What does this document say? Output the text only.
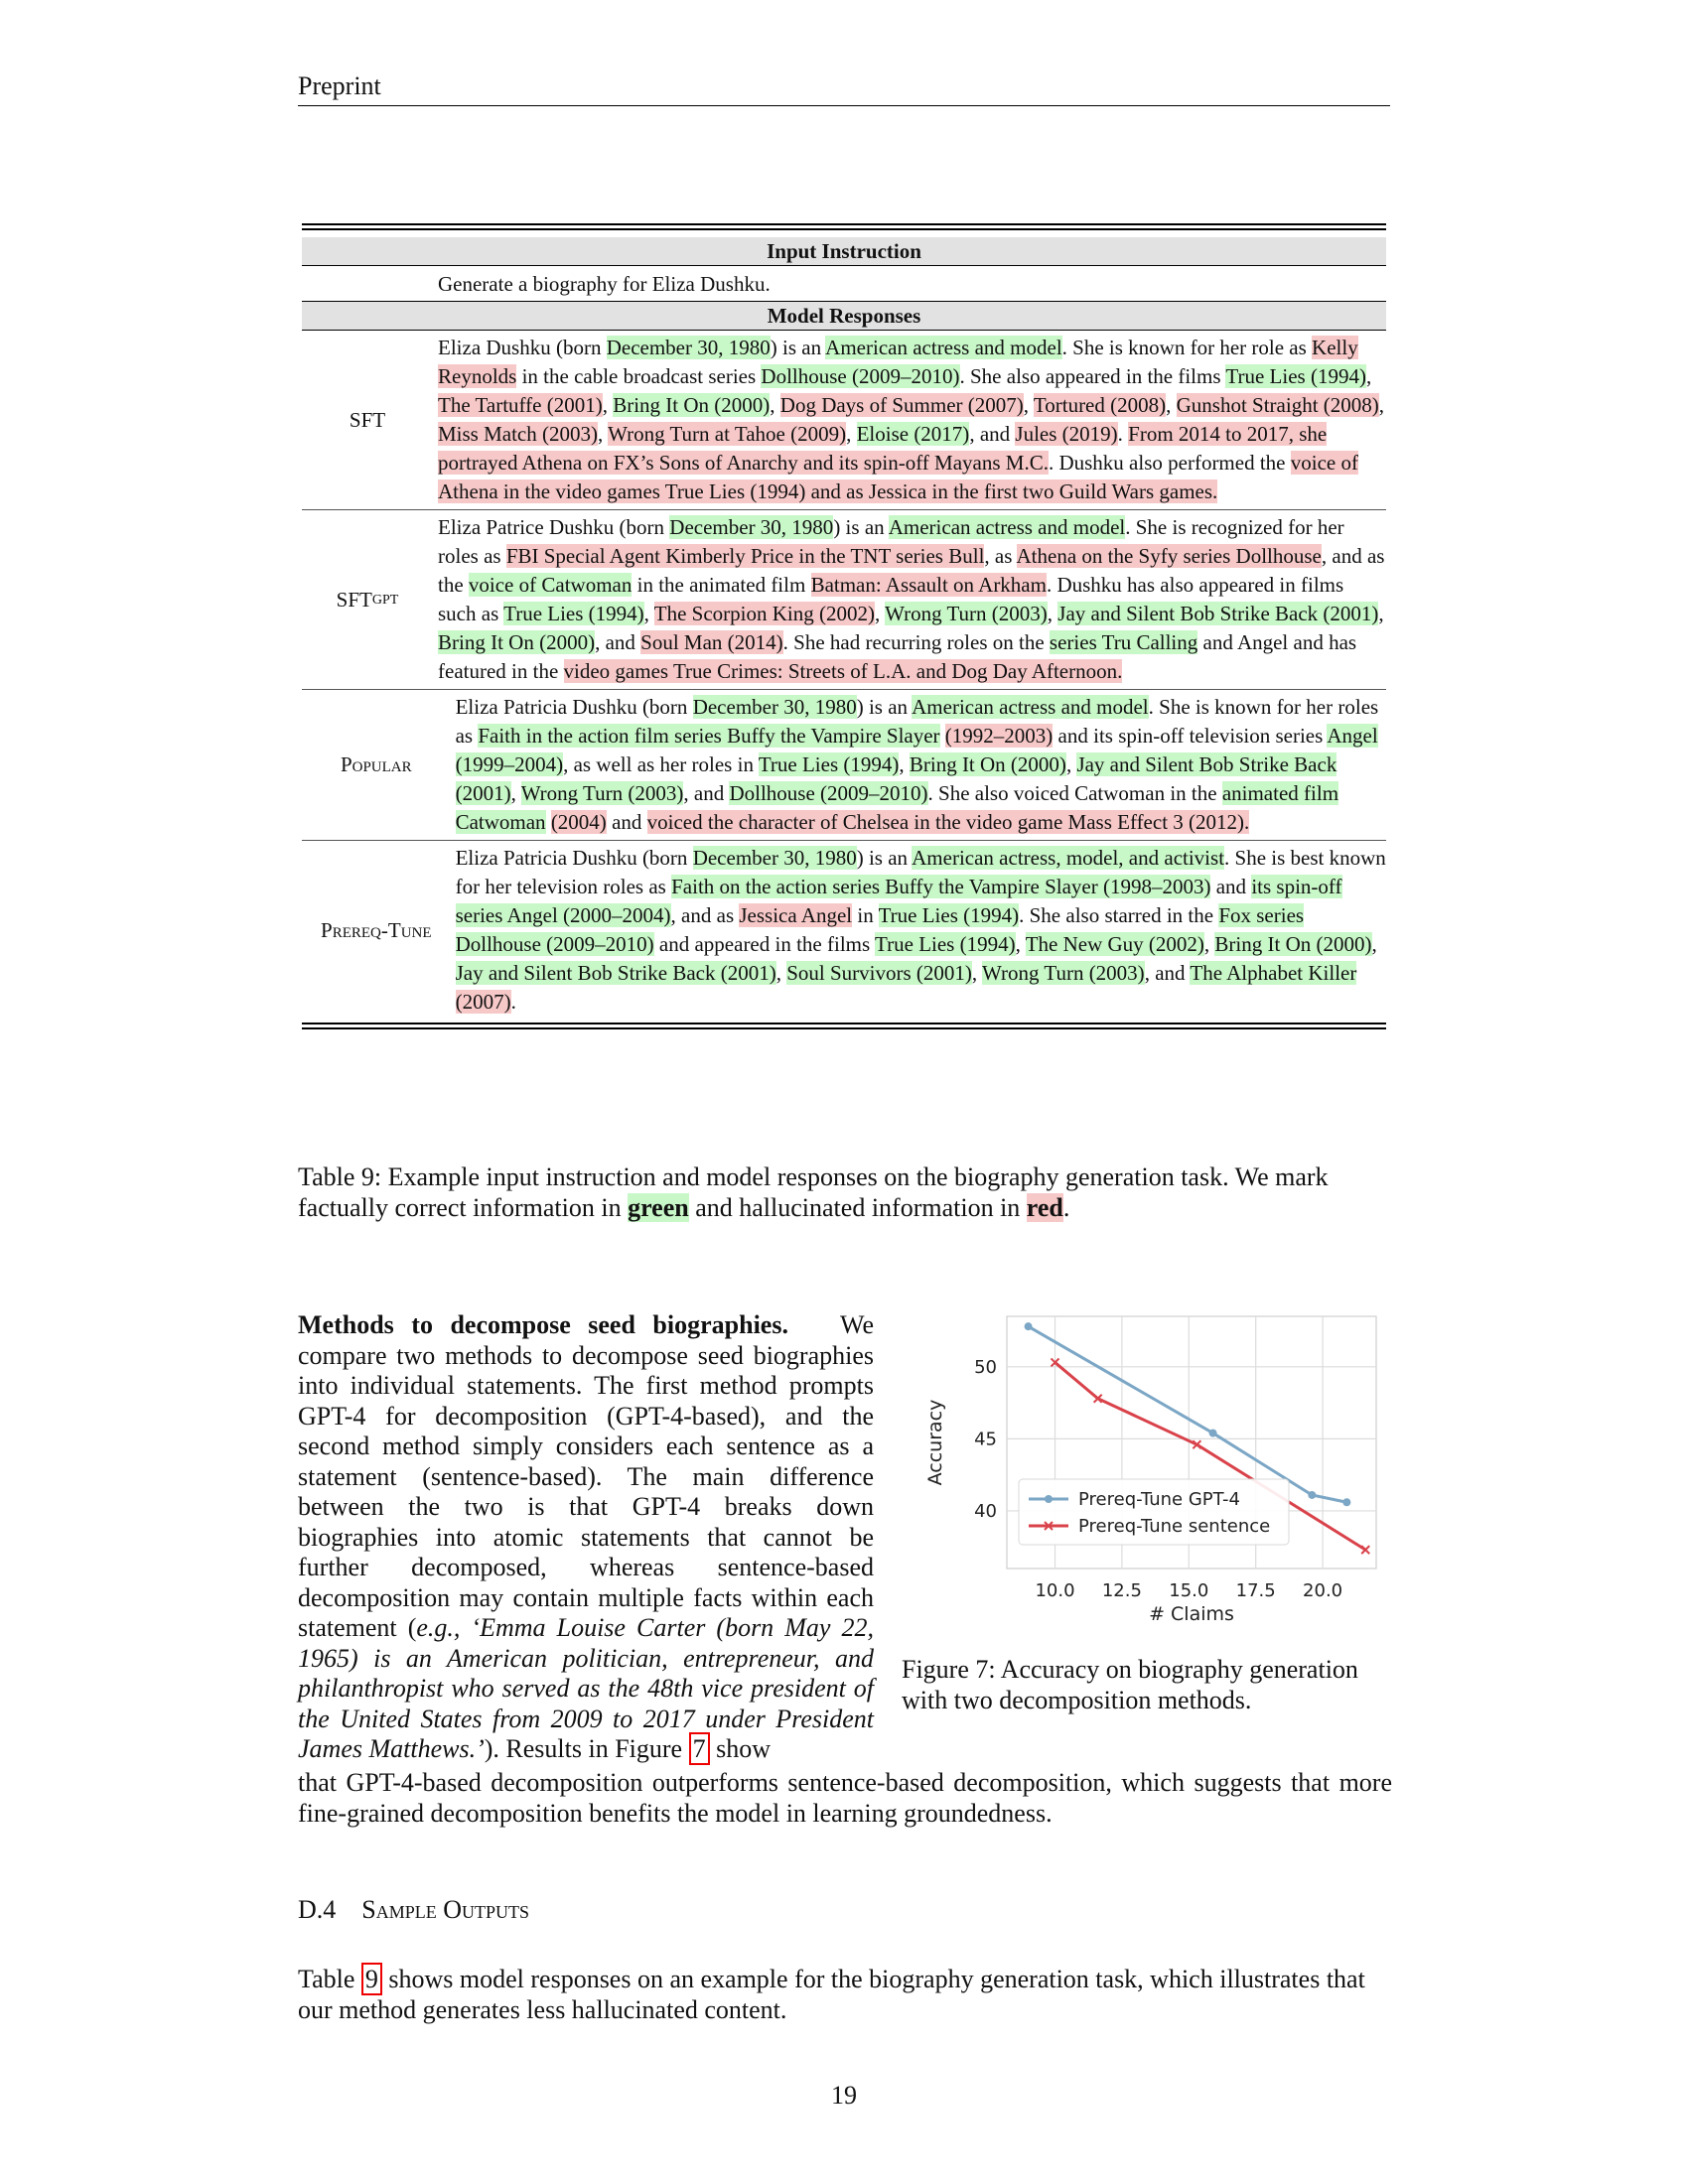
Preprint
Input Instruction
Generate a biography for Eliza Dushku.
Model Responses
SFT
Eliza Dushku (born December 30, 1980) is an American actress and model. She is known for her role as Kelly Reynolds in the cable broadcast series Dollhouse (2009–2010). She also appeared in the films True Lies (1994), The Tartuffe (2001), Bring It On (2000), Dog Days of Summer (2007), Tortured (2008), Gunshot Straight (2008), Miss Match (2003), Wrong Turn at Tahoe (2009), Eloise (2017), and Jules (2019). From 2014 to 2017, she portrayed Athena on FX’s Sons of Anarchy and its spin-off Mayans M.C.. Dushku also performed the voice of Athena in the video games True Lies (1994) and as Jessica in the first two Guild Wars games.
SFT GPT
Eliza Patrice Dushku (born December 30, 1980) is an American actress and model. She is recognized for her roles as FBI Special Agent Kimberly Price in the TNT series Bull, as Athena on the Syfy series Dollhouse, and as the voice of Catwoman in the animated film Batman: Assault on Arkham. Dushku has also appeared in films such as True Lies (1994), The Scorpion King (2002), Wrong Turn (2003), Jay and Silent Bob Strike Back (2001), Bring It On (2000), and Soul Man (2014). She had recurring roles on the series Tru Calling and Angel and has featured in the video games True Crimes: Streets of L.A. and Dog Day Afternoon.
Popular
Eliza Patricia Dushku (born December 30, 1980) is an American actress and model. She is known for her roles as Faith in the action film series Buffy the Vampire Slayer (1992–2003) and its spin-off television series Angel (1999–2004), as well as her roles in True Lies (1994), Bring It On (2000), Jay and Silent Bob Strike Back (2001), Wrong Turn (2003), and Dollhouse (2009–2010). She also voiced Catwoman in the animated film Catwoman (2004) and voiced the character of Chelsea in the video game Mass Effect 3 (2012).
Prereq-Tune
Eliza Patricia Dushku (born December 30, 1980) is an American actress, model, and activist. She is best known for her television roles as Faith on the action series Buffy the Vampire Slayer (1998–2003) and its spin-off series Angel (2000–2004), and as Jessica Angel in True Lies (1994). She also starred in the Fox series Dollhouse (2009–2010) and appeared in the films True Lies (1994), The New Guy (2002), Bring It On (2000), Jay and Silent Bob Strike Back (2001), Soul Survivors (2001), Wrong Turn (2003), and The Alphabet Killer (2007).
Table 9: Example input instruction and model responses on the biography generation task. We mark factually correct information in green and hallucinated information in red.
Methods to decompose seed biographies. We compare two methods to decompose seed biographies into individual statements. The first method prompts GPT-4 for decomposition (GPT-4-based), and the second method simply considers each sentence as a statement (sentence-based). The main difference between the two is that GPT-4 breaks down biographies into atomic statements that cannot be further decomposed, whereas sentence-based decomposition may contain multiple facts within each statement (e.g., ‘Emma Louise Carter (born May 22, 1965) is an American politician, entrepreneur, and philanthropist who served as the 48th vice president of the United States from 2009 to 2017 under President James Matthews.’). Results in Figure 7 show
that GPT-4-based decomposition outperforms sentence-based decomposition, which suggests that more fine-grained decomposition benefits the model in learning groundedness.
10.0 12.5 15.0 17.5 20.0
40
45
50
# Claims
Accuracy
Prereq-Tune GPT-4
Prereq-Tune sentence
Figure 7: Accuracy on biography generation with two decomposition methods.
D.4 Sample Outputs
Table 9 shows model responses on an example for the biography generation task, which illustrates that our method generates less hallucinated content.
19
